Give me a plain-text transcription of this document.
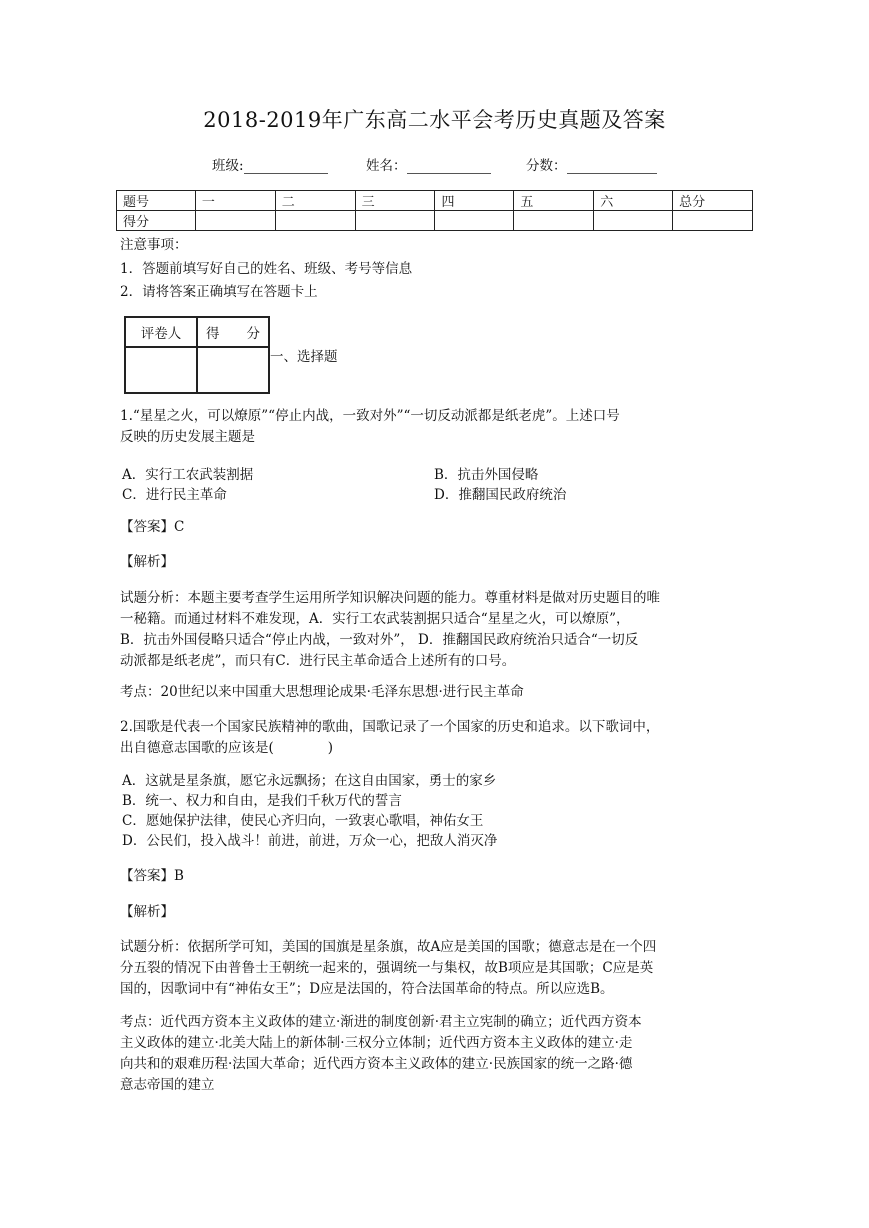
2018-2019年广东高二水平会考历史真题及答案
班级:	姓名：	分数：
题号	一	二	三	四	五	六	总分
得分							
注意事项：
1．答题前填写好自己的姓名、班级、考号等信息
2．请将答案正确填写在答题卡上
评卷人	得　　分

一、选择题
1.“星星之火，可以燎原”“停止内战，一致对外”“一切反动派都是纸老虎”。上述口号
反映的历史发展主题是
A．实行工农武装割据	B．抗击外国侵略
C．进行民主革命	D．推翻国民政府统治
【答案】C
【解析】
试题分析：本题主要考查学生运用所学知识解决问题的能力。尊重材料是做对历史题目的唯
一秘籍。而通过材料不难发现，A．实行工农武装割据只适合“星星之火，可以燎原”，
B．抗击外国侵略只适合“停止内战，一致对外”， D．推翻国民政府统治只适合“一切反
动派都是纸老虎”，而只有C．进行民主革命适合上述所有的口号。
考点：20世纪以来中国重大思想理论成果·毛泽东思想·进行民主革命
2.国歌是代表一个国家民族精神的歌曲，国歌记录了一个国家的历史和追求。以下歌词中，
出自德意志国歌的应该是(　　　　)
A．这就是星条旗，愿它永远飘扬；在这自由国家，勇士的家乡
B．统一、权力和自由，是我们千秋万代的誓言
C．愿她保护法律，使民心齐归向，一致衷心歌唱，神佑女王
D．公民们，投入战斗！前进，前进，万众一心，把敌人消灭净
【答案】B
【解析】
试题分析：依据所学可知，美国的国旗是星条旗，故A应是美国的国歌；德意志是在一个四
分五裂的情况下由普鲁士王朝统一起来的，强调统一与集权，故B项应是其国歌；C应是英
国的，因歌词中有“神佑女王”；D应是法国的，符合法国革命的特点。所以应选B。
考点：近代西方资本主义政体的建立·渐进的制度创新·君主立宪制的确立；近代西方资本
主义政体的建立·北美大陆上的新体制·三权分立体制；近代西方资本主义政体的建立·走
向共和的艰难历程·法国大革命；近代西方资本主义政体的建立·民族国家的统一之路·德
意志帝国的建立
